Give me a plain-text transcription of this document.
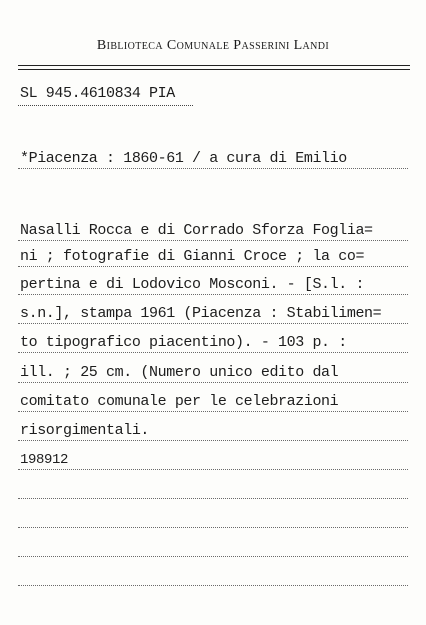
Biblioteca Comunale Passerini Landi
SL 945.4610834 PIA
*Piacenza : 1860-61 / a cura di Emilio
Nasalli Rocca e di Corrado Sforza Foglia=
ni ; fotografie di Gianni Croce ; la co=
pertina e di Lodovico Mosconi. - [S.l. :
s.n.], stampa 1961 (Piacenza : Stabilimen=
to tipografico piacentino). - 103 p. :
ill. ; 25 cm. (Numero unico edito dal
comitato comunale per le celebrazioni
risorgimentali.
198912
